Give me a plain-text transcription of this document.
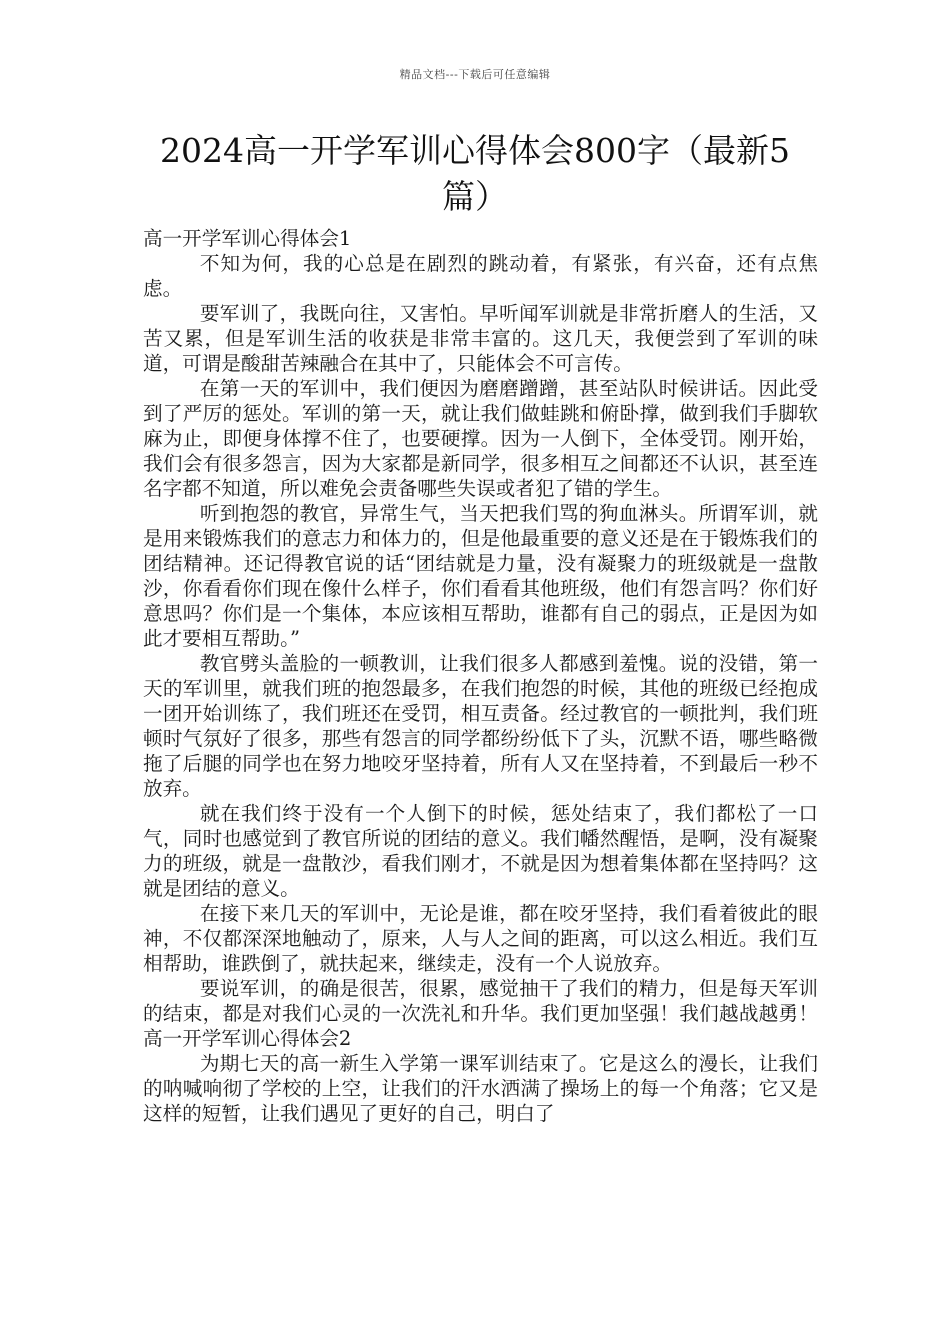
精品文档---下载后可任意编辑
2024高一开学军训心得体会800字（最新5篇）

高一开学军训心得体会1

不知为何，我的心总是在剧烈的跳动着，有紧张，有兴奋，还有点焦虑。

要军训了，我既向往，又害怕。早听闻军训就是非常折磨人的生活，又苦又累，但是军训生活的收获是非常丰富的。这几天，我便尝到了军训的味道，可谓是酸甜苦辣融合在其中了，只能体会不可言传。

在第一天的军训中，我们便因为磨磨蹭蹭，甚至站队时候讲话。因此受到了严厉的惩处。军训的第一天，就让我们做蛙跳和俯卧撑，做到我们手脚软麻为止，即便身体撑不住了，也要硬撑。因为一人倒下，全体受罚。刚开始，我们会有很多怨言，因为大家都是新同学，很多相互之间都还不认识，甚至连名字都不知道，所以难免会责备哪些失误或者犯了错的学生。

听到抱怨的教官，异常生气，当天把我们骂的狗血淋头。所谓军训，就是用来锻炼我们的意志力和体力的，但是他最重要的意义还是在于锻炼我们的团结精神。还记得教官说的话“团结就是力量，没有凝聚力的班级就是一盘散沙，你看看你们现在像什么样子，你们看看其他班级，他们有怨言吗？你们好意思吗？你们是一个集体，本应该相互帮助，谁都有自己的弱点，正是因为如此才要相互帮助。”

教官劈头盖脸的一顿教训，让我们很多人都感到羞愧。说的没错，第一天的军训里，就我们班的抱怨最多，在我们抱怨的时候，其他的班级已经抱成一团开始训练了，我们班还在受罚，相互责备。经过教官的一顿批判，我们班顿时气氛好了很多，那些有怨言的同学都纷纷低下了头，沉默不语，哪些略微拖了后腿的同学也在努力地咬牙坚持着，所有人又在坚持着，不到最后一秒不放弃。

就在我们终于没有一个人倒下的时候，惩处结束了，我们都松了一口气，同时也感觉到了教官所说的团结的意义。我们幡然醒悟，是啊，没有凝聚力的班级，就是一盘散沙，看我们刚才，不就是因为想着集体都在坚持吗？这就是团结的意义。

在接下来几天的军训中，无论是谁，都在咬牙坚持，我们看着彼此的眼神，不仅都深深地触动了，原来，人与人之间的距离，可以这么相近。我们互相帮助，谁跌倒了，就扶起来，继续走，没有一个人说放弃。

要说军训，的确是很苦，很累，感觉抽干了我们的精力，但是每天军训的结束，都是对我们心灵的一次洗礼和升华。我们更加坚强！我们越战越勇！高一开学军训心得体会2

为期七天的高一新生入学第一课军训结束了。它是这么的漫长，让我们的呐喊响彻了学校的上空，让我们的汗水洒满了操场上的每一个角落；它又是这样的短暂，让我们遇见了更好的自己，明白了
